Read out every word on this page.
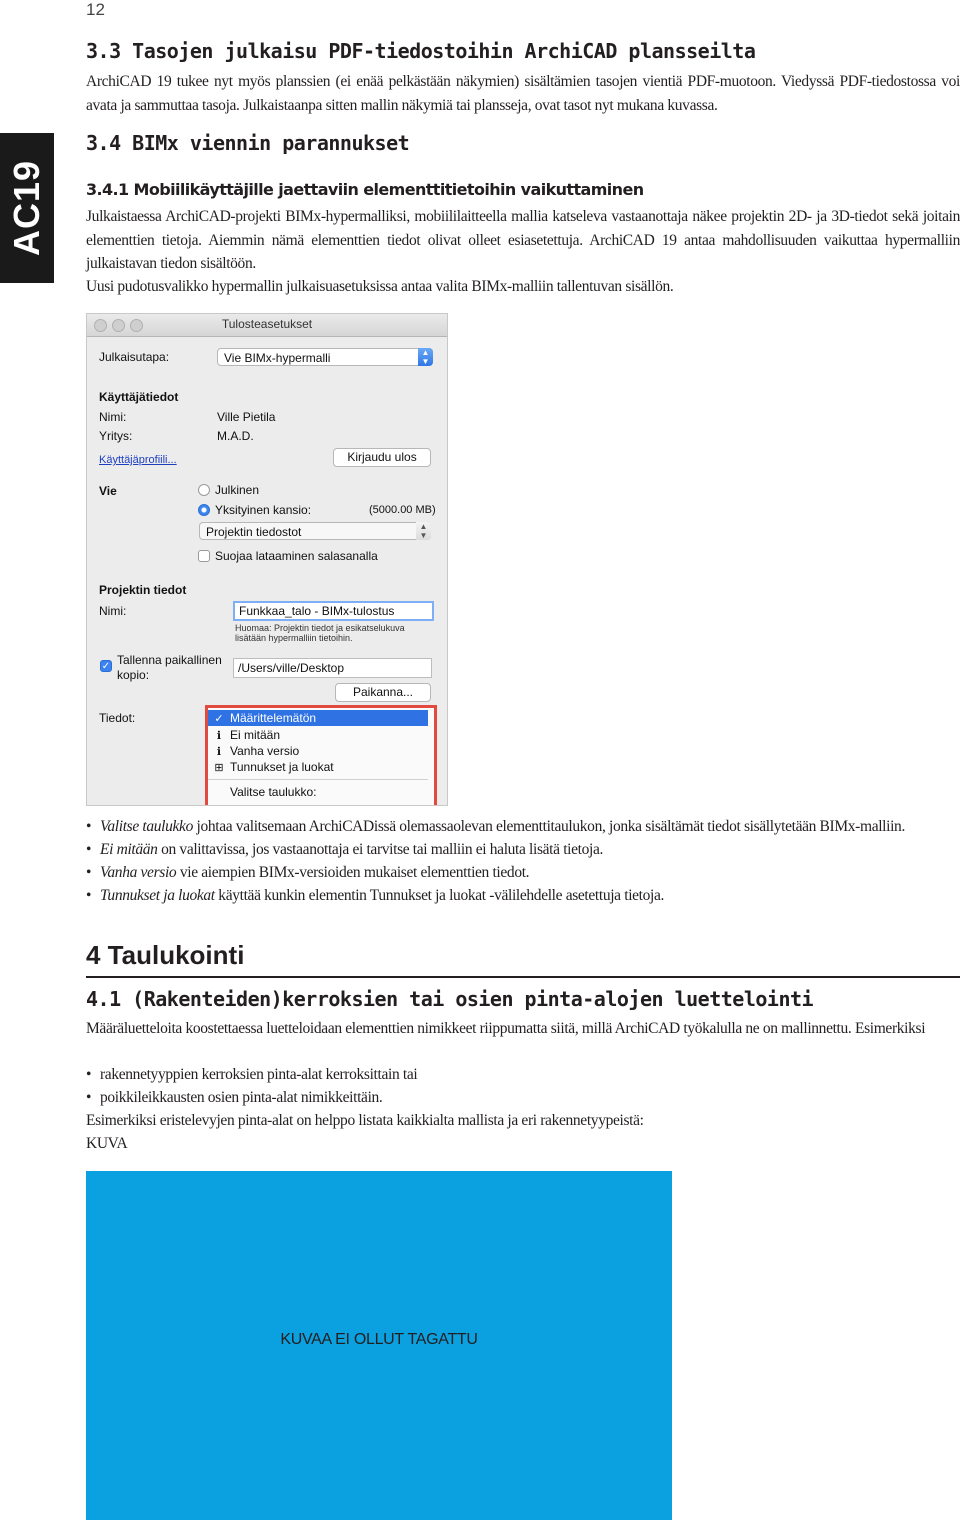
12
AC19
3.3 Tasojen julkaisu PDF-tiedostoihin ArchiCAD plansseilta
ArchiCAD 19 tukee nyt myös planssien (ei enää pelkästään näkymien) sisältämien tasojen vientiä PDF-muotoon. Viedyssä PDF-tiedostossa voi avata ja sammuttaa tasoja. Julkaistaanpa sitten mallin näkymiä tai plansseja, ovat tasot nyt mukana kuvassa.
3.4 BIMx viennin parannukset
3.4.1 Mobiilikäyttäjille jaettaviin elementtitietoihin vaikuttaminen
Julkaistaessa ArchiCAD-projekti BIMx-hypermalliksi, mobiililaitteella mallia katseleva vastaanottaja näkee projektin 2D- ja 3D-tiedot sekä joitain elementtien tietoja. Aiemmin nämä elementtien tiedot olivat olleet esiasetettuja. ArchiCAD 19 antaa mahdollisuuden vaikuttaa hypermalliin julkaistavan tiedon sisältöön.
Uusi pudotusvalikko hypermallin julkaisuasetuksissa antaa valita BIMx-malliin tallentuvan sisällön.
Tulosteasetukset
Julkaisutapa:	Vie BIMx-hypermalli	▲
▼
Käyttäjätiedot
Nimi:	Ville Pietila
Yritys:	M.A.D.
Käyttäjäprofiili...	Kirjaudu ulos
Vie	Julkinen
Yksityinen kansio:	(5000.00 MB)
Projektin tiedostot	▲
▼
Suojaa lataaminen salasanalla
Projektin tiedot
Nimi:	Funkkaa_talo - BIMx-tulostus
Huomaa: Projektin tiedot ja esikatselukuva
lisätään hypermalliin tietoihin.
✓ Tallenna paikallinen
kopio:	/Users/ville/Desktop
Paikanna...
Tiedot:	✓ Määrittelemätön
ℹ Ei mitään
ℹ Vanha versio
⊞ Tunnukset ja luokat
Valitse taulukko:
• Valitse taulukko johtaa valitsemaan ArchiCADissä olemassaolevan elementtitaulukon, jonka sisältämät tiedot sisällytetään BIMx-malliin.
• Ei mitään on valittavissa, jos vastaanottaja ei tarvitse tai malliin ei haluta lisätä tietoja.
• Vanha versio vie aiempien BIMx-versioiden mukaiset elementtien tiedot.
• Tunnukset ja luokat käyttää kunkin elementin Tunnukset ja luokat -välilehdelle asetettuja tietoja.
4 Taulukointi
4.1 (Rakenteiden)kerroksien tai osien pinta-alojen luettelointi
Määräluetteloita koostettaessa luetteloidaan elementtien nimikkeet riippumatta siitä, millä ArchiCAD työkalulla ne on mallinnettu. Esimerkiksi
• rakennetyyppien kerroksien pinta-alat kerroksittain tai
• poikkileikkausten osien pinta-alat nimikkeittäin.
Esimerkiksi eristelevyjen pinta-alat on helppo listata kaikkialta mallista ja eri rakennetyypeistä:
KUVA
KUVAA EI OLLUT TAGATTU
